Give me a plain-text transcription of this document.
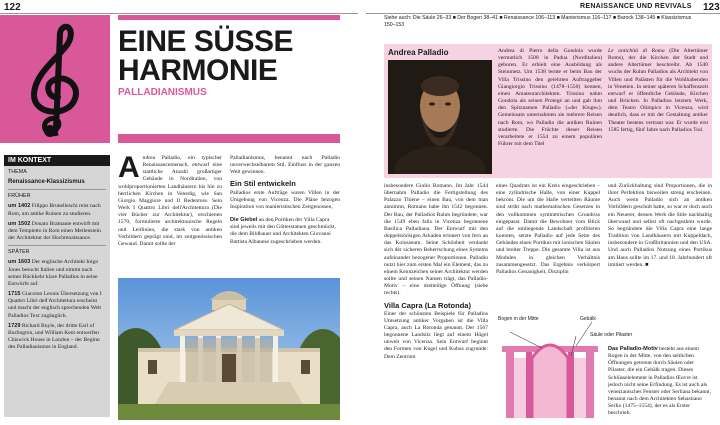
122
EINE SÜSSE
HARMONIE
PALLADIANISMUS
IM KONTEXT

THEMA

Renaissance-Klassizismus

FRÜHER

um 1402 Filippo Brunelleschi reist nach Rom, um antike Ruinen zu studieren.

um 1502 Donato Bramante entwirft mit dem Tempietto in Rom einen Meilenstein der Architektur der Hochrenaissance.

SPÄTER

um 1603 Der englische Architekt Inigo Jones besucht Italien und nimmt nach seiner Rückkehr klare Palladios in seine Entwürfe auf.

1715 Giacomo Leonis Übersetzung von I Quattro Libri dell'Architettura erscheint und macht der englisch sprechenden Welt Palladios Text zugänglich.

1729 Richard Boyle, der dritte Earl of Burlington, und William Kent entwerfen Chiswick House in London – der Beginn des Palladianismus in England.

A ndrea Palladio, ein typischer Renaissancemensch, entwarf eine stattliche Anzahl großartiger Gebäude in Norditalien, von wohlproportionierten Landhäusern bis hin zu herrlichen Kirchen in Venedig, wie San Giorgio Maggiore und Il Redentore. Sein Werk I Quattro Libri dell'Architettura (Die vier Bücher zur Architektur), erschienen 1570, formulierte architektonische Regeln und Leitlinien, die stark von antiken Vorbildern geprägt sind, im zeitgenössischen Gewand. Damit sollte der

Palladianismus, benannt nach Palladio unverwechselbarem Stil, Einfluss in der ganzen Welt gewinnen.

Ein Stil entwickeln

Palladios erste Aufträge waren Villen in der Umgebung von Vicenza. Die Pläne bezogen Inspiration von manieristischen Zeitgenossen,

Die Giebel an den Portiken der Villa Capra sind jeweils mit den Götterstatuen geschmückt, die dem Bildhauer und Architekten Giovanni Battista Albanese zugeschrieben werden.

123
RENAISSANCE UND REVIVALS
Siehe auch: Die Säule 26–33 ■ Der Bogen 38–41 ■ Renaissance 106–113 ■ Manierismus 116–117 ■ Barock 138–145 ■ Klassizismus 150–153
Andrea Palladio	Andrea di Pietro della Gondola wurde vermutlich 1508 in Padua (Norditalien) geboren. Er erhielt eine Ausbildung als Steinmetz. Um 1538 lernte er beim Bau der Villa Trissino den gelehrten Auftraggeber Giangiorgio Trissino (1478–1550) kennen, einen Amateurarchitekten. Trissino nahm Gondola als seinen Protegé an und gab ihm den Spitznamen Palladio (»der Kluge«). Gemeinsam unternahmen sie mehrere Reisen nach Rom, wo Palladio die antiken Ruinen studierte. Die Früchte dieser Reisen verarbeitete er 1554 zu einem populären Führer mit dem Titel
Le antichità di Roma (Die Altertümer Roms), der die Kirchen der Stadt und andere Altertümer beschreibt. Ab 1540 wuchs der Ruhm Palladios als Architekt von Villen und Palästen für die Wohlhabenden in Venetien. In seiner späteren Schaffenszeit entwarf er öffentliche Gebäude, Kirchen und Brücken. In Palladios letztem Werk, dem Teatro Olimpico in Vicenza, wird deutlich, dass er mit der Gestaltung antiker Theater bestens vertraut war. Er wurde erst 1585 fertig, fünf Jahre nach Palladios Tod.

insbesondere Giulio Romano. Im Jahr 1544 übernahm Palladio die Fertigstellung des Palazzo Thiene – einen Bau, von dem man annimmt, Romano habe ihn 1542 begonnen. Der Bau, der Palladios Ruhm begründete, war die 1549 eben falls in Vicenza begonnene Basilica Palladiana. Der Entwurf mit den doppelstöckigen Arkaden erinnert von fern an das Kolosseum. Seine Schönheit verdankt sich der sicheren Beherrschung eines Systems aufeinander bezogener Proportionen. Palladio nutzt hier zum ersten Mal ein Element, das zu einem Kennzeichen seiner Architektur werden sollte und seinen Namen trägt, das Palladio-Motiv – eine dreiteilige Öffnung (siehe rechts).

Villa Capra (La Rotonda)

Einer der schönsten Beispiele für Palladios Umsetzung antiker Vorgaben ist die Villa Capra, auch La Rotonda genannt. Der 1567 begonnene Landsitz liegt auf einem Hügel unweit von Vicenza. Sein Entwurf beginnt den Formen von Kugel und Kubus zugrunde: Dem Zentrum

eines Quadrats ist ein Kreis eingeschrieben – eine zylindrische Halle, von einer Kuppel bekrönt. Die um die Halle verteilten Räume sind strikt nach mathematischen Gesetzen in den vollkommen symmetrischen Grundriss eingepasst. Damit die Bewohner vom Blick auf die umliegende Landschaft profitieren konnten, setzte Palladio auf jede Seite des Gebäudes einen Portikus mit ionischen Säulen und breiter Treppe. Die gesamte Villa ist aus Modulen in gleichen Verhältnis zusammengesetzt. Das Ergebnis verkörpert Palladios Genauigkeit, Disziplin
und Zurückhaltung sind Proportionen, die in ihrer Perfektion bisweilen streng erscheinen. Auch wenn Palladio sich an antiken Vorbildern geschult hatte, so war er doch auch ein Neuerer, dessen Werk die Stile nachhaltig überwand und selbst oft nachgeahmt wurde. So begründete die Villa Capra eine lange Tradition von Landhäusern mit Kuppeldach, insbesondere in Großbritannien und den USA. Und auch Palladios Nutzung eines Portikus am Haus sollte im 17. und 18. Jahrhundert oft imitiert werden. ■
Bogen in der Mitte	Gebälk
Säule oder Pilaster
Das Palladio-Motiv besteht aus einem Bogen in der Mitte, von den seitlichen Öffnungen getrennt durch Säulen oder Pilaster, die ein Gebälk tragen. Dieses Schlüsselelement in Palladios Œuvre ist jedoch nicht seine Erfindung. Es ist auch als venezianisches Fenster oder Serliana bekannt, benannt nach dem Architekten Sebastiano Serlio (1475–1554), der es als Erster beschrieb.
